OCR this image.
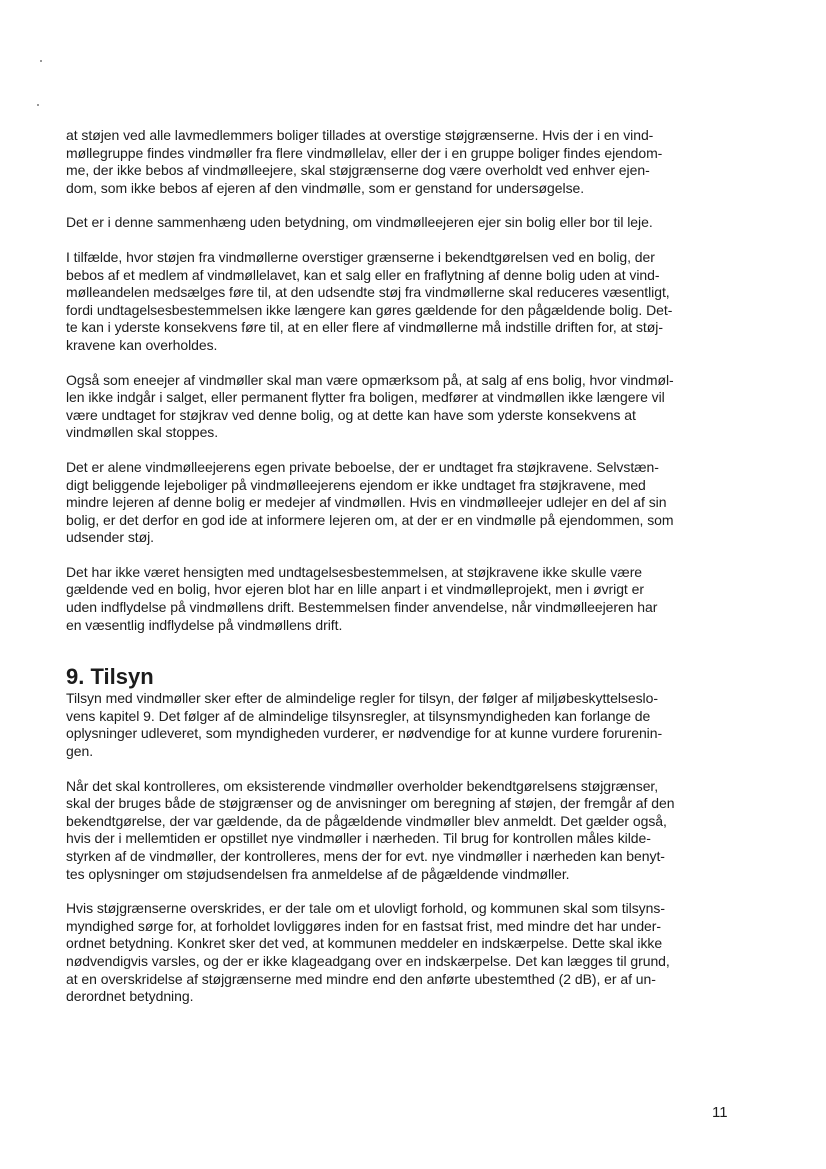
at støjen ved alle lavmedlemmers boliger tillades at overstige støjgrænserne. Hvis der i en vind-
møllegruppe findes vindmøller fra flere vindmøllelav, eller der i en gruppe boliger findes ejendom-
me, der ikke bebos af vindmølleejere, skal støjgrænserne dog være overholdt ved enhver ejen-
dom, som ikke bebos af ejeren af den vindmølle, som er genstand for undersøgelse.

Det er i denne sammenhæng uden betydning, om vindmølleejeren ejer sin bolig eller bor til leje.

I tilfælde, hvor støjen fra vindmøllerne overstiger grænserne i bekendtgørelsen ved en bolig, der
bebos af et medlem af vindmøllelavet, kan et salg eller en fraflytning af denne bolig uden at vind-
mølleandelen medsælges føre til, at den udsendte støj fra vindmøllerne skal reduceres væsentligt,
fordi undtagelsesbestemmelsen ikke længere kan gøres gældende for den pågældende bolig. Det-
te kan i yderste konsekvens føre til, at en eller flere af vindmøllerne må indstille driften for, at støj-
kravene kan overholdes.

Også som eneejer af vindmøller skal man være opmærksom på, at salg af ens bolig, hvor vindmøl-
len ikke indgår i salget, eller permanent flytter fra boligen, medfører at vindmøllen ikke længere vil
være undtaget for støjkrav ved denne bolig, og at dette kan have som yderste konsekvens at
vindmøllen skal stoppes.

Det er alene vindmølleejerens egen private beboelse, der er undtaget fra støjkravene. Selvstæn-
digt beliggende lejeboliger på vindmølleejerens ejendom er ikke undtaget fra støjkravene, med
mindre lejeren af denne bolig er medejer af vindmøllen. Hvis en vindmølleejer udlejer en del af sin
bolig, er det derfor en god ide at informere lejeren om, at der er en vindmølle på ejendommen, som
udsender støj.

Det har ikke været hensigten med undtagelsesbestemmelsen, at støjkravene ikke skulle være
gældende ved en bolig, hvor ejeren blot har en lille anpart i et vindmølleprojekt, men i øvrigt er
uden indflydelse på vindmøllens drift. Bestemmelsen finder anvendelse, når vindmølleejeren har
en væsentlig indflydelse på vindmøllens drift.

9. Tilsyn

Tilsyn med vindmøller sker efter de almindelige regler for tilsyn, der følger af miljøbeskyttelseslo-
vens kapitel 9. Det følger af de almindelige tilsynsregler, at tilsynsmyndigheden kan forlange de
oplysninger udleveret, som myndigheden vurderer, er nødvendige for at kunne vurdere forurenin-
gen.

Når det skal kontrolleres, om eksisterende vindmøller overholder bekendtgørelsens støjgrænser,
skal der bruges både de støjgrænser og de anvisninger om beregning af støjen, der fremgår af den
bekendtgørelse, der var gældende, da de pågældende vindmøller blev anmeldt. Det gælder også,
hvis der i mellemtiden er opstillet nye vindmøller i nærheden. Til brug for kontrollen måles kilde-
styrken af de vindmøller, der kontrolleres, mens der for evt. nye vindmøller i nærheden kan benyt-
tes oplysninger om støjudsendelsen fra anmeldelse af de pågældende vindmøller.

Hvis støjgrænserne overskrides, er der tale om et ulovligt forhold, og kommunen skal som tilsyns-
myndighed sørge for, at forholdet lovliggøres inden for en fastsat frist, med mindre det har under-
ordnet betydning. Konkret sker det ved, at kommunen meddeler en indskærpelse. Dette skal ikke
nødvendigvis varsles, og der er ikke klageadgang over en indskærpelse. Det kan lægges til grund,
at en overskridelse af støjgrænserne med mindre end den anførte ubestemthed (2 dB), er af un-
derordnet betydning.

11
